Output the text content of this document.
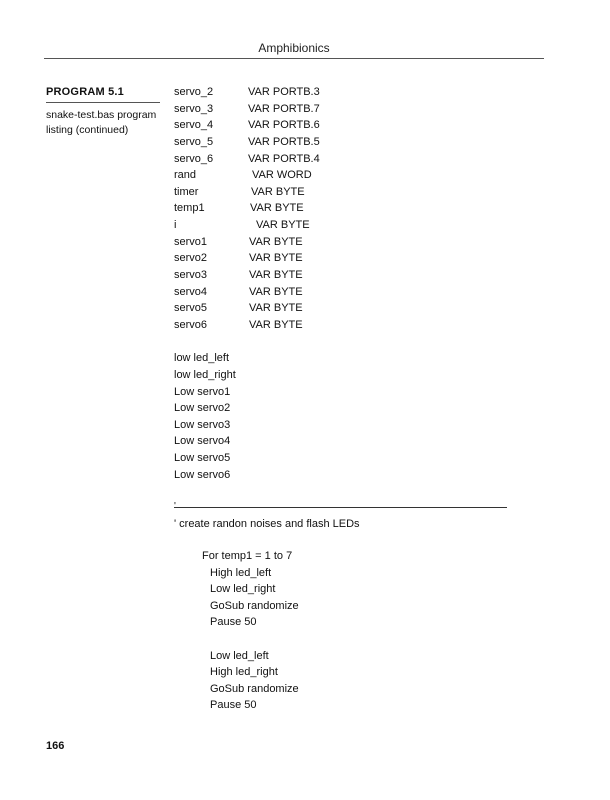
Amphibionics
PROGRAM 5.1
snake-test.bas program listing (continued)
servo_2	VAR PORTB.3
servo_3	VAR PORTB.7
servo_4	VAR PORTB.6
servo_5	VAR PORTB.5
servo_6	VAR PORTB.4
rand	VAR WORD
timer	VAR BYTE
temp1	VAR BYTE
i	VAR BYTE
servo1	VAR BYTE
servo2	VAR BYTE
servo3	VAR BYTE
servo4	VAR BYTE
servo5	VAR BYTE
servo6	VAR BYTE
low led_left
low led_right
Low servo1
Low servo2
Low servo3
Low servo4
Low servo5
Low servo6
'
' create randon noises and flash LEDs
For temp1 = 1 to 7
High led_left
Low led_right
GoSub randomize
Pause 50
Low led_left
High led_right
GoSub randomize
Pause 50
166
